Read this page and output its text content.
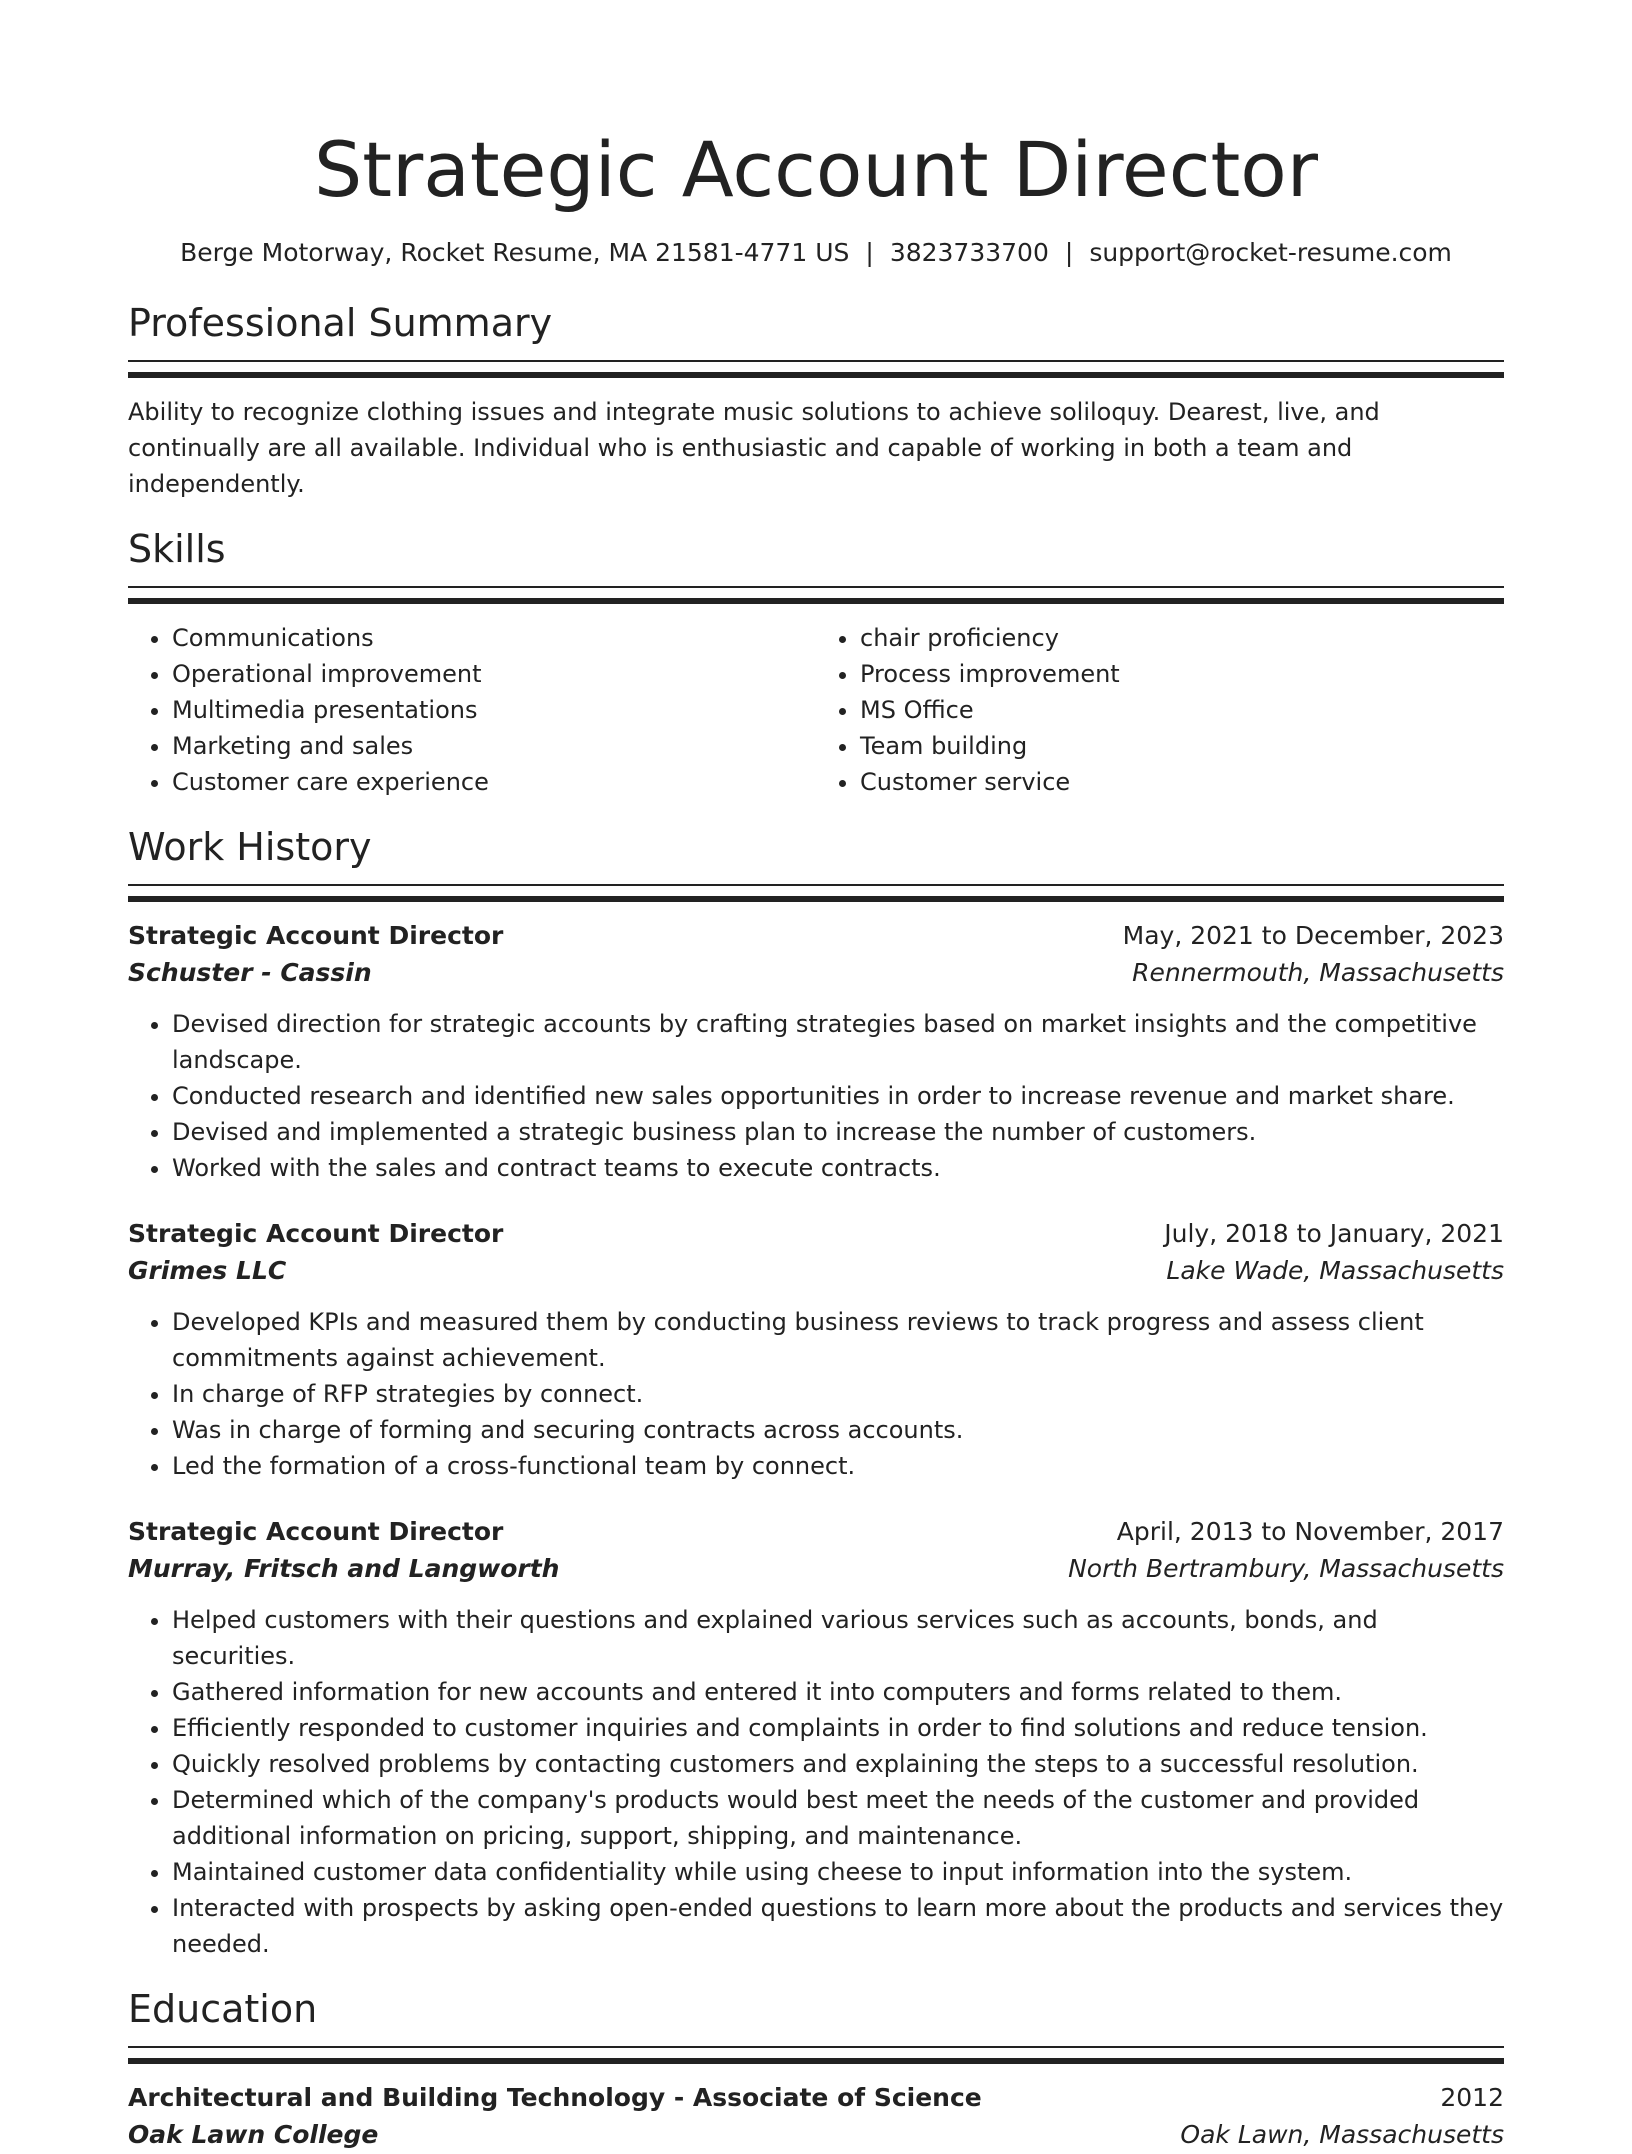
Strategic Account Director
Berge Motorway, Rocket Resume, MA 21581-4771 US | 3823733700 | support@rocket-resume.com
Professional Summary
Ability to recognize clothing issues and integrate music solutions to achieve soliloquy. Dearest, live, and continually are all available. Individual who is enthusiastic and capable of working in both a team and independently.
Skills
• Communications
• Operational improvement
• Multimedia presentations
• Marketing and sales
• Customer care experience
• chair proficiency
• Process improvement
• MS Office
• Team building
• Customer service
Work History
Strategic Account Director	May, 2021 to December, 2023
Schuster - Cassin	Rennermouth, Massachusetts
• Devised direction for strategic accounts by crafting strategies based on market insights and the competitive landscape.
• Conducted research and identified new sales opportunities in order to increase revenue and market share.
• Devised and implemented a strategic business plan to increase the number of customers.
• Worked with the sales and contract teams to execute contracts.
Strategic Account Director	July, 2018 to January, 2021
Grimes LLC	Lake Wade, Massachusetts
• Developed KPIs and measured them by conducting business reviews to track progress and assess client commitments against achievement.
• In charge of RFP strategies by connect.
• Was in charge of forming and securing contracts across accounts.
• Led the formation of a cross-functional team by connect.
Strategic Account Director	April, 2013 to November, 2017
Murray, Fritsch and Langworth	North Bertrambury, Massachusetts
• Helped customers with their questions and explained various services such as accounts, bonds, and securities.
• Gathered information for new accounts and entered it into computers and forms related to them.
• Efficiently responded to customer inquiries and complaints in order to find solutions and reduce tension.
• Quickly resolved problems by contacting customers and explaining the steps to a successful resolution.
• Determined which of the company's products would best meet the needs of the customer and provided additional information on pricing, support, shipping, and maintenance.
• Maintained customer data confidentiality while using cheese to input information into the system.
• Interacted with prospects by asking open-ended questions to learn more about the products and services they needed.
Education
Architectural and Building Technology - Associate of Science	2012
Oak Lawn College	Oak Lawn, Massachusetts
